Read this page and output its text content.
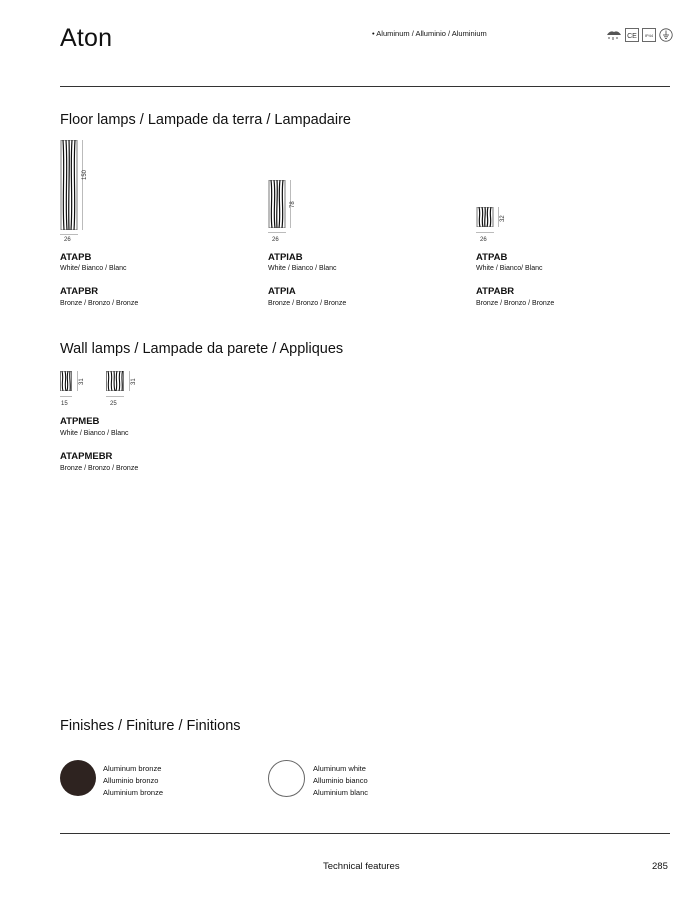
Aton	• Aluminum / Alluminio / Aluminium	CE IP44
Floor lamps / Lampade da terra / Lampadaire
150
26
ATAPB
White/ Bianco / Blanc
ATAPBR
Bronze / Bronzo / Bronze
78
26
ATPIAB
White / Bianco / Blanc
ATPIA
Bronze / Bronzo / Bronze
32
26
ATPAB
White / Bianco/ Blanc
ATPABR
Bronze / Bronzo / Bronze
Wall lamps / Lampade da parete / Appliques
31
15
31
25
ATPMEB
White / Bianco / Blanc
ATAPMEBR
Bronze / Bronzo / Bronze
Finishes / Finiture / Finitions
Aluminum bronze
Alluminio bronzo
Aluminium bronze
Aluminum white
Alluminio bianco
Aluminium blanc
Technical features	285
